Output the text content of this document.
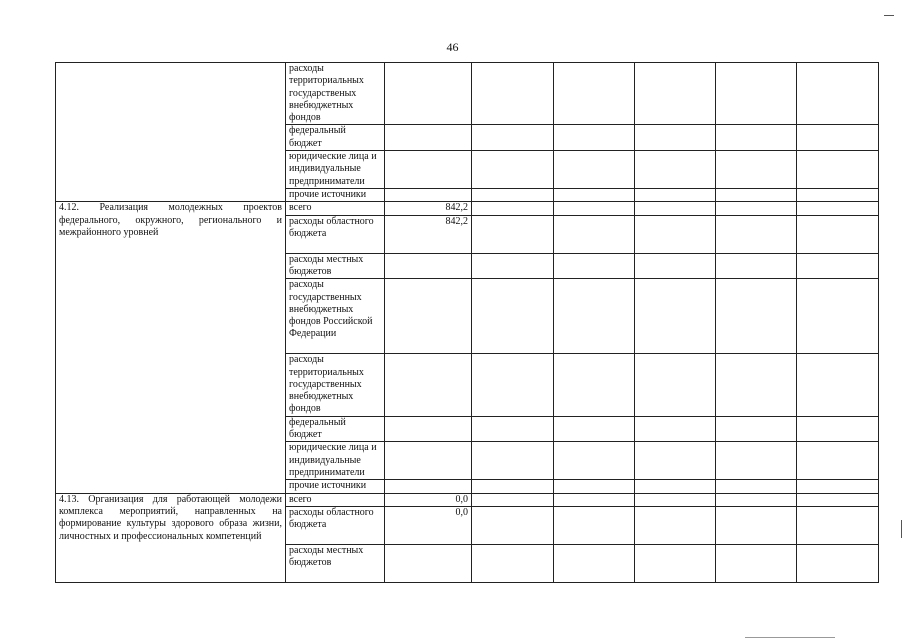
46
	расходы территориальных государственых внебюджетных фондов						
	федеральный бюджет						
	юридические лица и индивидуальные предприниматели						
	прочие источники						
4.12. Реализация молодежных проектов федерального, окружного, регионального и межрайонного уровней	всего	842,2					
	расходы областного бюджета	842,2					
	расходы местных бюджетов						
	расходы государственных внебюджетных фондов Российской Федерации						
	расходы территориальных государственных внебюджетных фондов						
	федеральный бюджет						
	юридические лица и индивидуальные предприниматели						
	прочие источники						
4.13. Организация для работающей молодежи комплекса мероприятий, направленных на формирование культуры здорового образа жизни, личностных и профессиональных компетенций	всего	0,0					
	расходы областного бюджета	0,0					
	расходы местных бюджетов						
